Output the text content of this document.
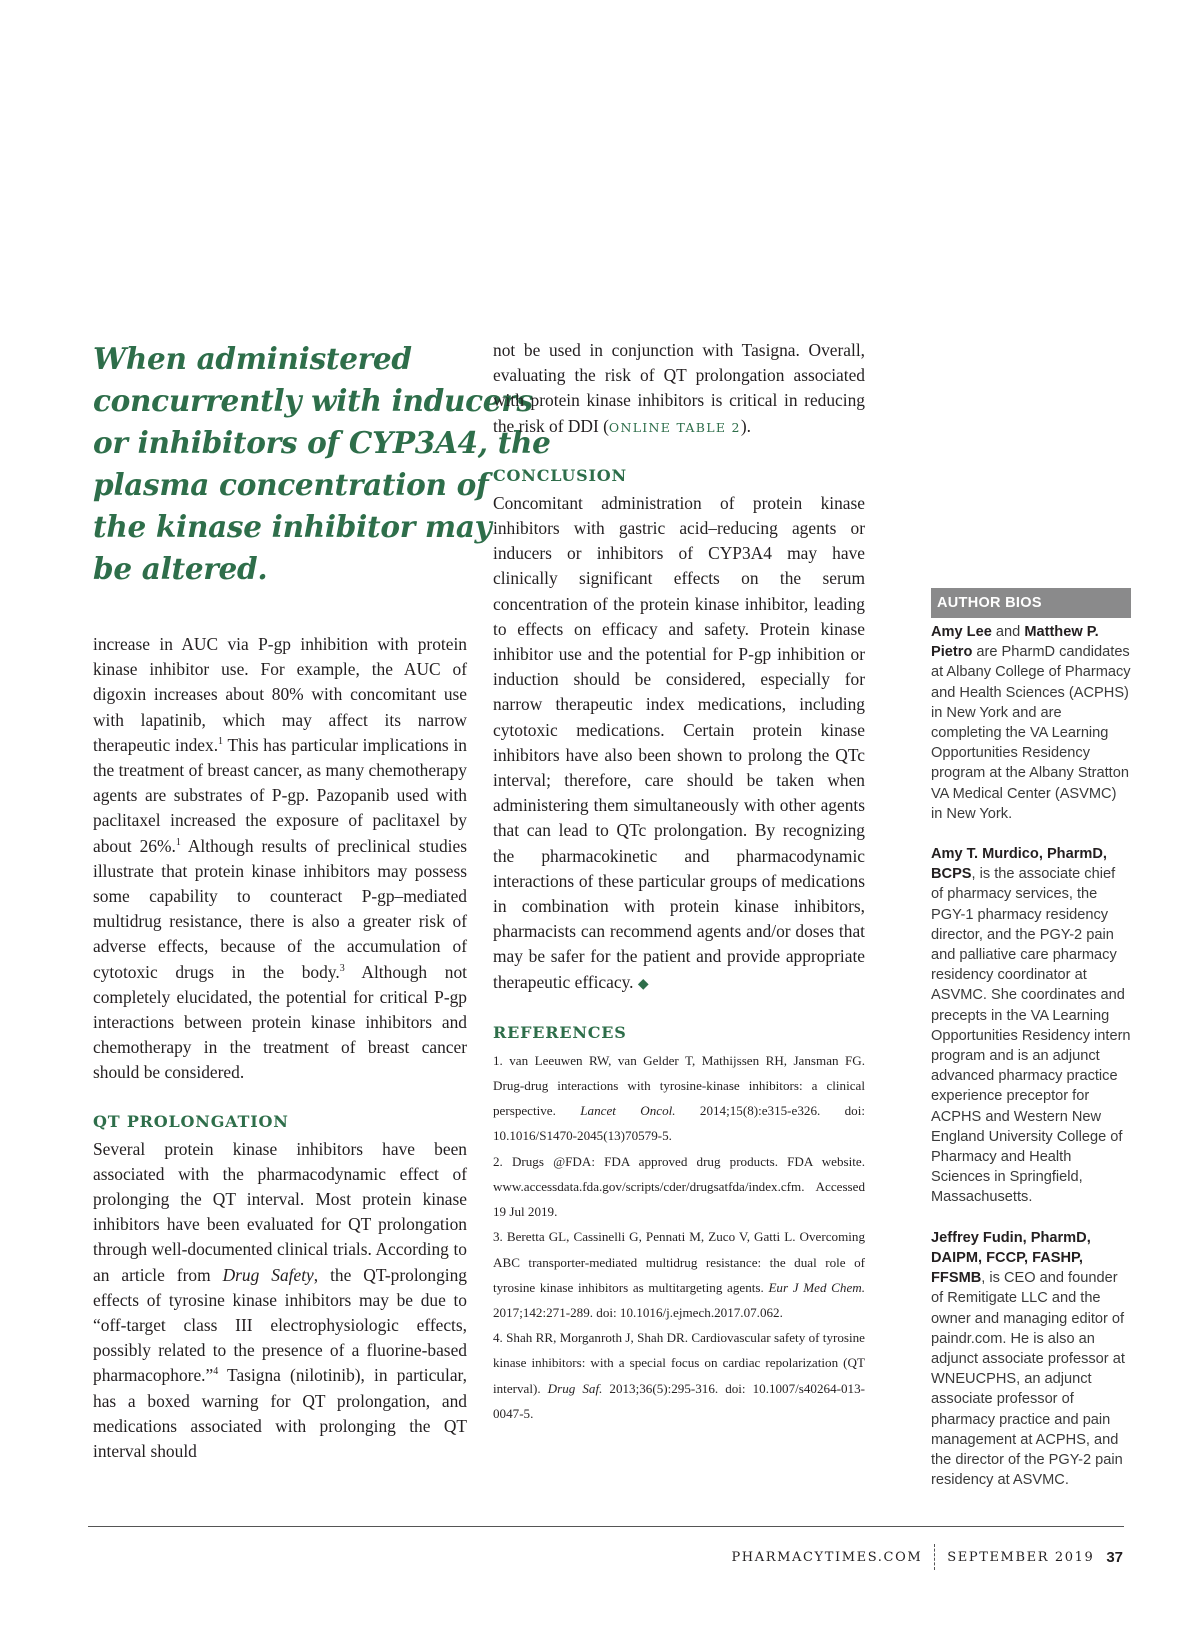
When administered
concurrently with inducers
or inhibitors of CYP3A4, the
plasma concentration of
the kinase inhibitor may
be altered.

increase in AUC via P-gp inhibition with protein kinase inhibitor use. For example, the AUC of digoxin increases about 80% with concomitant use with lapatinib, which may affect its narrow therapeutic index.$^1$ This has particular implications in the treatment of breast cancer, as many chemotherapy agents are substrates of P-gp. Pazopanib used with paclitaxel increased the exposure of paclitaxel by about 26%.$^1$ Although results of preclinical studies illustrate that protein kinase inhibitors may possess some capability to counteract P-gp–mediated multidrug resistance, there is also a greater risk of adverse effects, because of the accumulation of cytotoxic drugs in the body.$^3$ Although not completely elucidated, the potential for critical P-gp interactions between protein kinase inhibitors and chemotherapy in the treatment of breast cancer should be considered.

QT PROLONGATION

Several protein kinase inhibitors have been associated with the pharmacodynamic effect of prolonging the QT interval. Most protein kinase inhibitors have been evaluated for QT prolongation through well-documented clinical trials. According to an article from Drug Safety, the QT-prolonging effects of tyrosine kinase inhibitors may be due to “off-target class III electrophysiologic effects, possibly related to the presence of a fluorine-based pharmacophore.”$^4$ Tasigna (nilotinib), in particular, has a boxed warning for QT prolongation, and medications associated with prolonging the QT interval should

not be used in conjunction with Tasigna. Overall, evaluating the risk of QT prolongation associated with protein kinase inhibitors is critical in reducing the risk of DDI (ONLINE TABLE 2).

CONCLUSION

Concomitant administration of protein kinase inhibitors with gastric acid–reducing agents or inducers or inhibitors of CYP3A4 may have clinically significant effects on the serum concentration of the protein kinase inhibitor, leading to effects on efficacy and safety. Protein kinase inhibitor use and the potential for P-gp inhibition or induction should be considered, especially for narrow therapeutic index medications, including cytotoxic medications. Certain protein kinase inhibitors have also been shown to prolong the QTc interval; therefore, care should be taken when administering them simultaneously with other agents that can lead to QTc prolongation. By recognizing the pharmacokinetic and pharmacodynamic interactions of these particular groups of medications in combination with protein kinase inhibitors, pharmacists can recommend agents and/or doses that may be safer for the patient and provide appropriate therapeutic efficacy. ◆

REFERENCES
1. van Leeuwen RW, van Gelder T, Mathijssen RH, Jansman FG. Drug-drug interactions with tyrosine-kinase inhibitors: a clinical perspective. Lancet Oncol. 2014;15(8):e315-e326. doi: 10.1016/S1470-2045(13)70579-5.
2. Drugs @FDA: FDA approved drug products. FDA website. www.accessdata.fda.gov/scripts/cder/drugsatfda/index.cfm. Accessed 19 Jul 2019.
3. Beretta GL, Cassinelli G, Pennati M, Zuco V, Gatti L. Overcoming ABC transporter-mediated multidrug resistance: the dual role of tyrosine kinase inhibitors as multitargeting agents. Eur J Med Chem. 2017;142:271-289. doi: 10.1016/j.ejmech.2017.07.062.
4. Shah RR, Morganroth J, Shah DR. Cardiovascular safety of tyrosine kinase inhibitors: with a special focus on cardiac repolarization (QT interval). Drug Saf. 2013;36(5):295-316. doi: 10.1007/s40264-013-0047-5.
AUTHOR BIOS

Amy Lee and Matthew P. Pietro are PharmD candidates at Albany College of Pharmacy and Health Sciences (ACPHS) in New York and are completing the VA Learning Opportunities Residency program at the Albany Stratton VA Medical Center (ASVMC) in New York.

Amy T. Murdico, PharmD, BCPS, is the associate chief of pharmacy services, the PGY-1 pharmacy residency director, and the PGY-2 pain and palliative care pharmacy residency coordinator at ASVMC. She coordinates and precepts in the VA Learning Opportunities Residency intern program and is an adjunct advanced pharmacy practice experience preceptor for ACPHS and Western New England University College of Pharmacy and Health Sciences in Springfield, Massachusetts.

Jeffrey Fudin, PharmD, DAIPM, FCCP, FASHP, FFSMB, is CEO and founder of Remitigate LLC and the owner and managing editor of paindr.com. He is also an adjunct associate professor at WNEUCPHS, an adjunct associate professor of pharmacy practice and pain management at ACPHS, and the director of the PGY-2 pain residency at ASVMC.

PHARMACYTIMES.COM SEPTEMBER 2019 37
